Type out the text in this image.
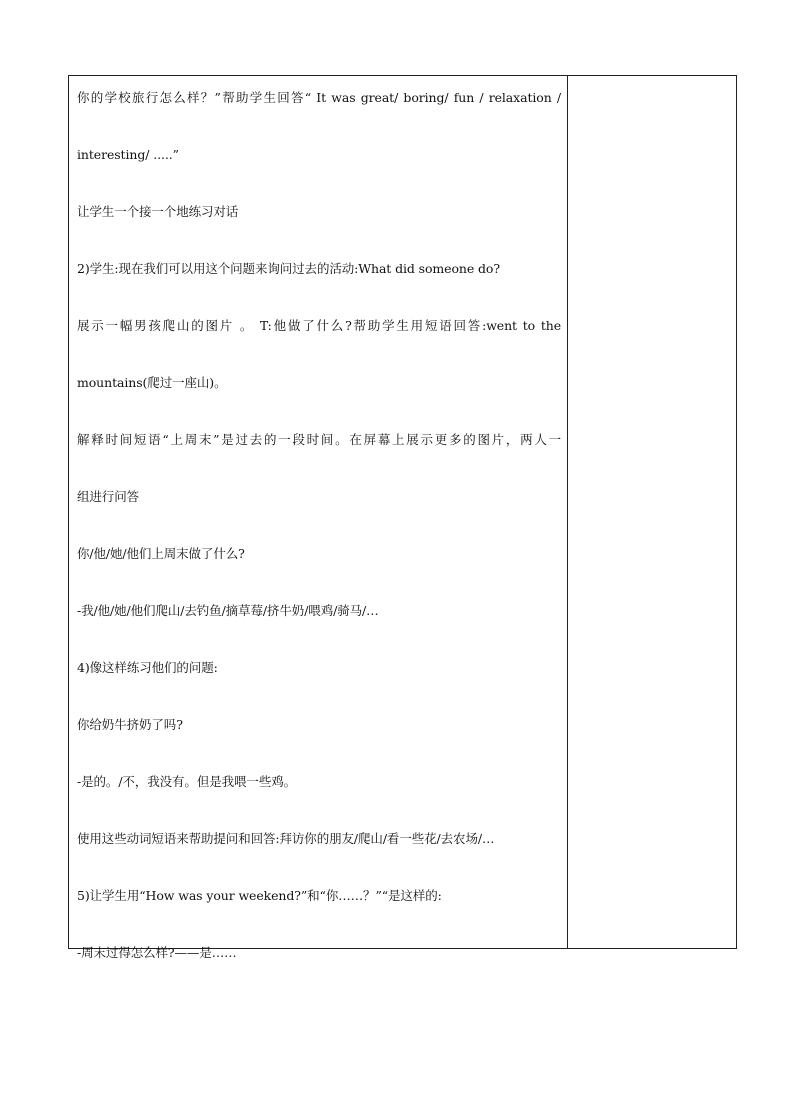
你的学校旅行怎么样？”帮助学生回答“ It was great/ boring/ fun / relaxation /

interesting/ .....”

让学生一个接一个地练习对话

2)学生:现在我们可以用这个问题来询问过去的活动:What did someone do?

展示一幅男孩爬山的图片 。 T:他做了什么?帮助学生用短语回答:went to the

mountains(爬过一座山)。

解释时间短语“上周末”是过去的一段时间。在屏幕上展示更多的图片，两人一

组进行问答

你/他/她/他们上周末做了什么?

-我/他/她/他们爬山/去钓鱼/摘草莓/挤牛奶/喂鸡/骑马/…

4)像这样练习他们的问题:

你给奶牛挤奶了吗?

-是的。/不，我没有。但是我喂一些鸡。

使用这些动词短语来帮助提问和回答:拜访你的朋友/爬山/看一些花/去农场/…

5)让学生用“How was your weekend?”和“你……？”“是这样的:

-周末过得怎么样?——是……
